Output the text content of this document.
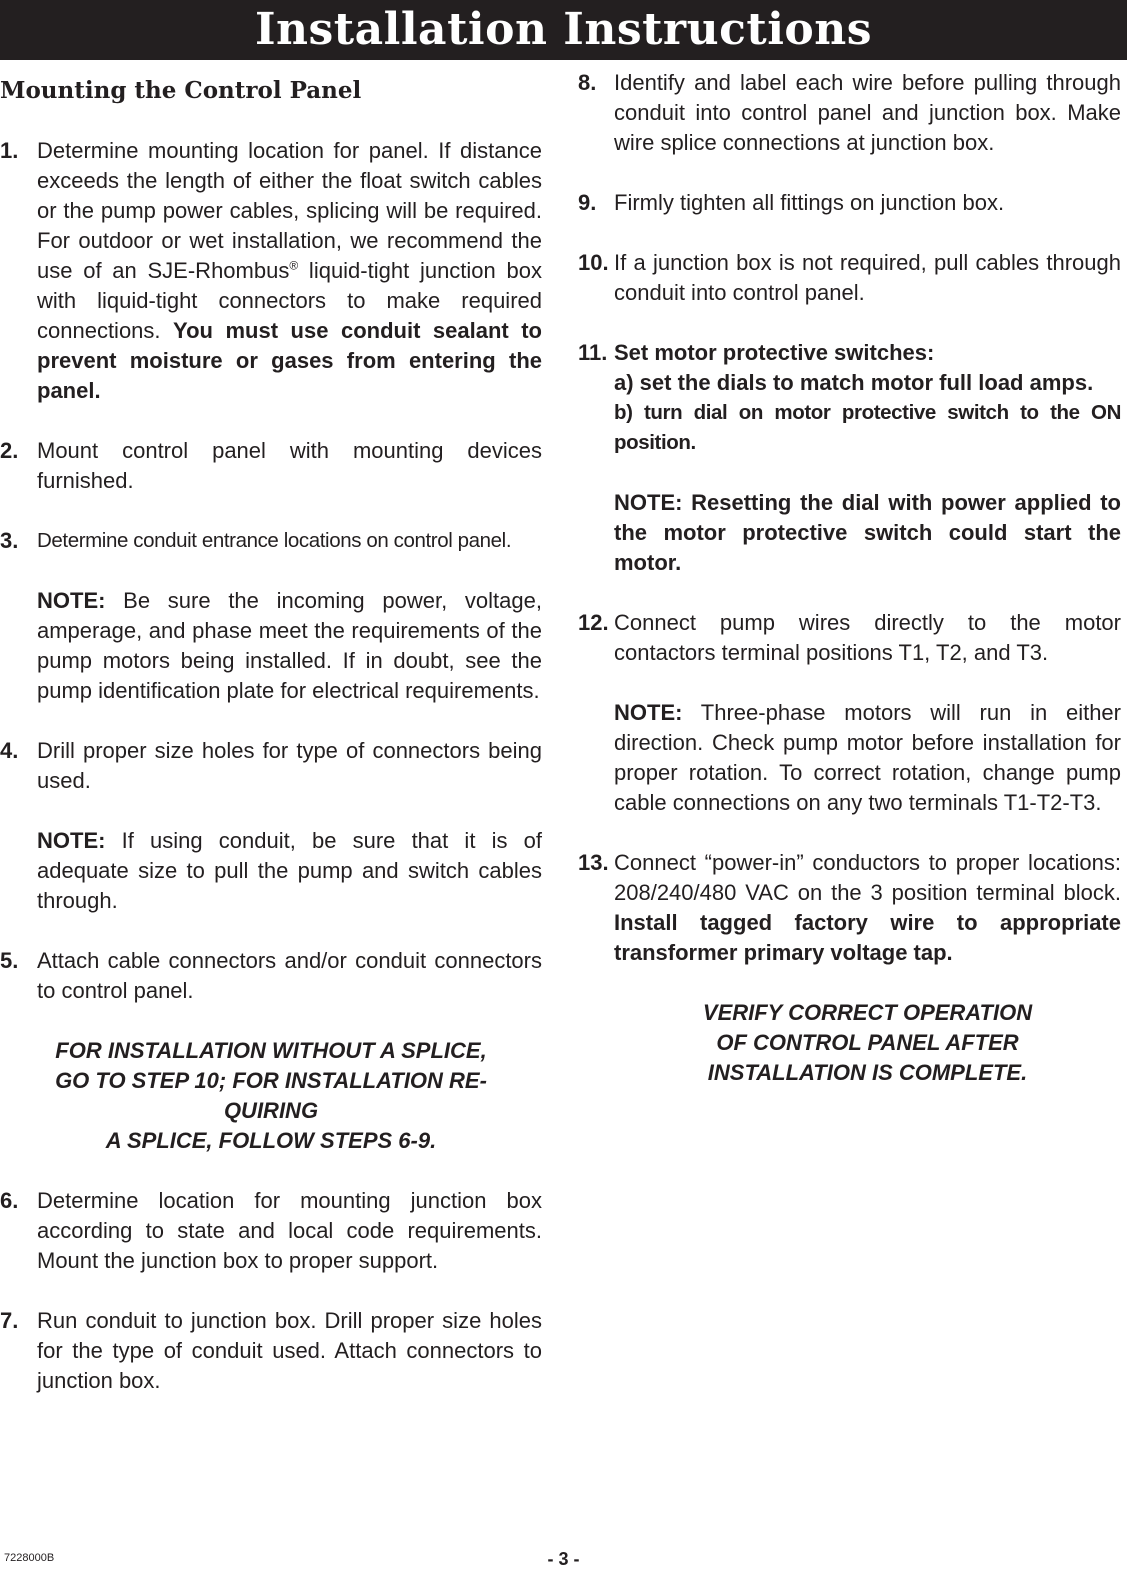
Installation Instructions
Mounting the Control Panel
1. Determine mounting location for panel. If distance exceeds the length of either the float switch cables or the pump power cables, splicing will be required. For outdoor or wet installation, we recommend the use of an SJE-Rhombus® liquid-tight junction box with liquid-tight connectors to make required connections. You must use conduit sealant to prevent moisture or gases from entering the panel.
2. Mount control panel with mounting devices furnished.
3. Determine conduit entrance locations on control panel.
NOTE: Be sure the incoming power, voltage, amperage, and phase meet the requirements of the pump motors being installed. If in doubt, see the pump identification plate for electrical requirements.
4. Drill proper size holes for type of connectors being used.
NOTE: If using conduit, be sure that it is of adequate size to pull the pump and switch cables through.
5. Attach cable connectors and/or conduit connectors to control panel.
FOR INSTALLATION WITHOUT A SPLICE,
GO TO STEP 10; FOR INSTALLATION RE-
QUIRING
A SPLICE, FOLLOW STEPS 6-9.
6. Determine location for mounting junction box according to state and local code requirements. Mount the junction box to proper support.
7. Run conduit to junction box. Drill proper size holes for the type of conduit used. Attach connectors to junction box.
8. Identify and label each wire before pulling through conduit into control panel and junction box. Make wire splice connections at junction box.
9. Firmly tighten all fittings on junction box.
10. If a junction box is not required, pull cables through conduit into control panel.
11. Set motor protective switches:
a) set the dials to match motor full load amps.
b) turn dial on motor protective switch to the ON position.
NOTE: Resetting the dial with power applied to the motor protective switch could start the motor.
12. Connect pump wires directly to the motor contactors terminal positions T1, T2, and T3.
NOTE: Three-phase motors will run in either direction. Check pump motor before installation for proper rotation. To correct rotation, change pump cable connections on any two terminals T1-T2-T3.
13. Connect “power-in” conductors to proper locations: 208/240/480 VAC on the 3 position terminal block. Install tagged factory wire to appropriate transformer primary voltage tap.
VERIFY CORRECT OPERATION
OF CONTROL PANEL AFTER
INSTALLATION IS COMPLETE.
7228000B	- 3 -
